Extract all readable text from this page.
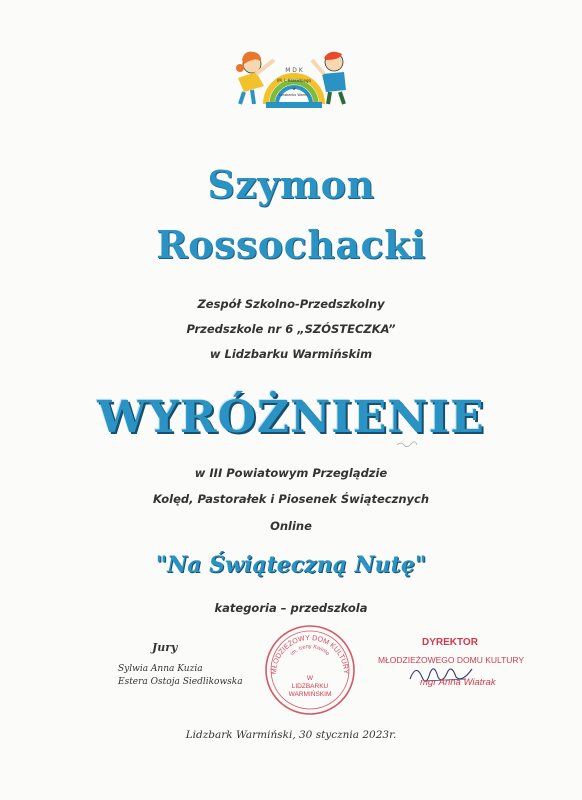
M D K
IM. I. Krasickiego
w
Lidzbarku Warm.
Szymon
Rossochacki
Zespół Szkolno-Przedszkolny
Przedszkole nr 6 „SZÓSTECZKA”
w Lidzbarku Warmińskim
WYRÓŻNIENIE
w III Powiatowym Przeglądzie
Kolęd, Pastorałek i Piosenek Świątecznych
Online
"Na Świąteczną Nutę"
kategoria – przedszkola
Jury
Sylwia Anna Kuzia
Estera Ostoja Siedlikowska
MŁODZIEŻOWY DOM KULTURY
im. Ireny Kwinto
W
LIDZBARKU
WARMIŃSKIM
DYREKTOR
MŁODZIEŻOWEGO DOMU KULTURY
mgr Anna Wiatrak
Lidzbark Warmiński, 30 stycznia 2023r.
